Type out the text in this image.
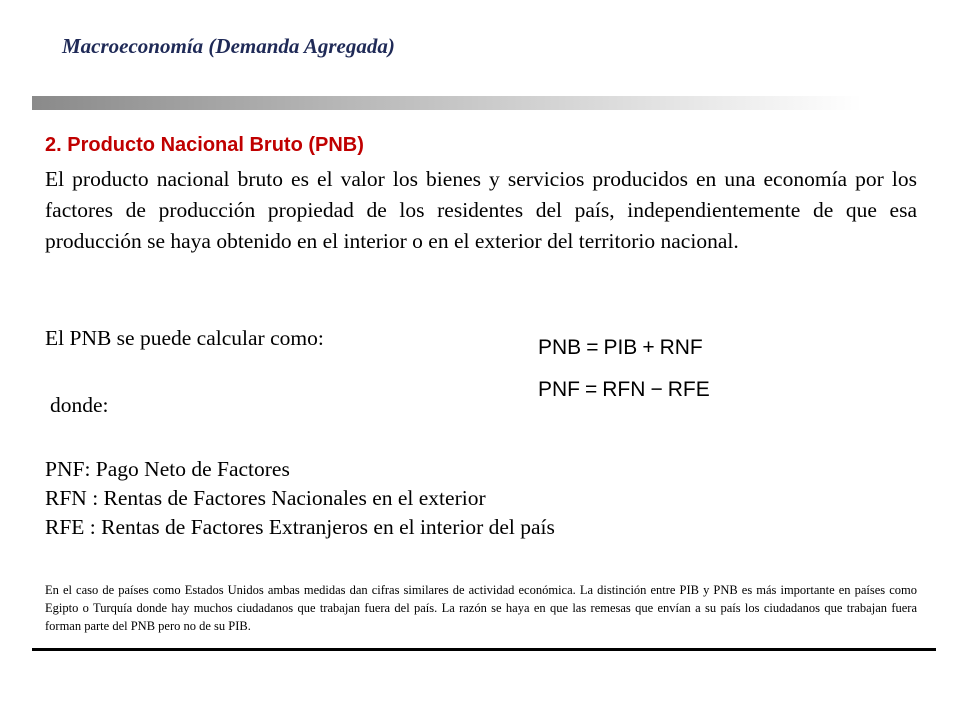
Macroeconomía (Demanda Agregada)
2. Producto Nacional Bruto (PNB)

El producto nacional bruto es el valor los bienes y servicios producidos en una economía por los factores de producción propiedad de los residentes del país, independientemente de que esa producción se haya obtenido en el interior o en el exterior del territorio nacional.

El PNB se puede calcular como:
donde:
PNB = PIB + RNF
PNF = RFN − RFE
PNF: Pago Neto de Factores
RFN : Rentas de Factores Nacionales en el exterior
RFE : Rentas de Factores Extranjeros en el interior del país

En el caso de países como Estados Unidos ambas medidas dan cifras similares de actividad económica. La distinción entre PIB y PNB es más importante en países como Egipto o Turquía donde hay muchos ciudadanos que trabajan fuera del país. La razón se haya en que las remesas que envían a su país los ciudadanos que trabajan fuera forman parte del PNB pero no de su PIB.
